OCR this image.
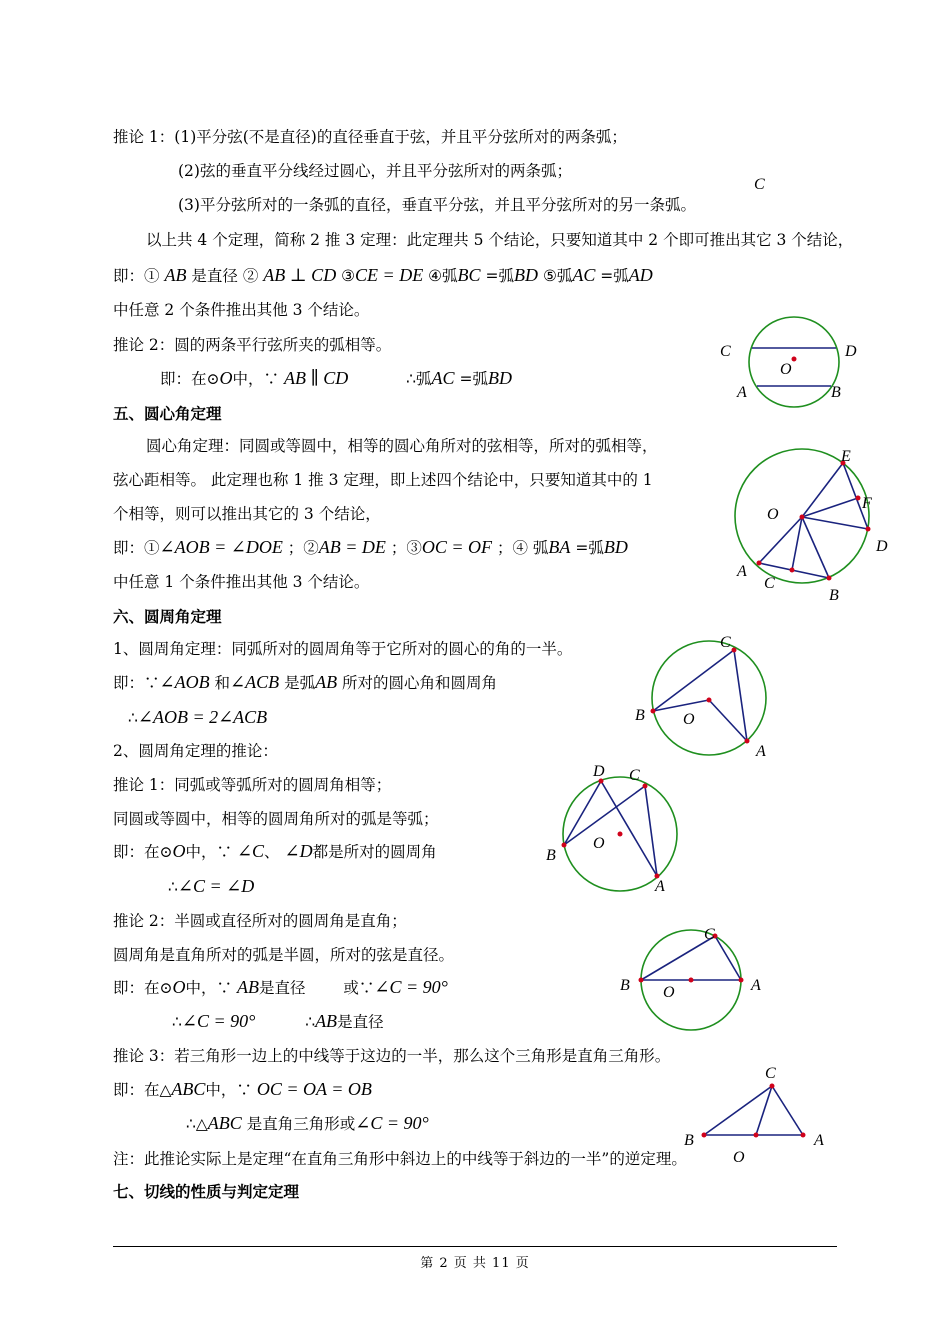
推论 1：(1)平分弦(不是直径)的直径垂直于弦，并且平分弦所对的两条弧；
(2)弦的垂直平分线经过圆心，并且平分弦所对的两条弧；
(3)平分弦所对的一条弧的直径，垂直平分弦，并且平分弦所对的另一条弧。
以上共 4 个定理，简称 2 推 3 定理：此定理共 5 个结论，只要知道其中 2 个即可推出其它 3 个结论，
即：① AB 是直径 ② AB ⊥ CD ③CE = DE ④弧BC =弧BD ⑤弧AC =弧AD
中任意 2 个条件推出其他 3 个结论。
推论 2：圆的两条平行弦所夹的弧相等。
即：在⊙O中，∵ AB ∥ CD	∴弧AC =弧BD
五、圆心角定理
圆心角定理：同圆或等圆中，相等的圆心角所对的弦相等，所对的弧相等，
弦心距相等。 此定理也称 1 推 3 定理，即上述四个结论中，只要知道其中的 1
个相等，则可以推出其它的 3 个结论，
即：①∠AOB = ∠DOE ；②AB = DE ；③OC = OF ；④ 弧BA =弧BD
中任意 1 个条件推出其他 3 个结论。
六、圆周角定理
1、圆周角定理：同弧所对的圆周角等于它所对的圆心的角的一半。
即：∵∠AOB 和∠ACB 是弧AB 所对的圆心角和圆周角
∴∠AOB = 2∠ACB
2、圆周角定理的推论：
推论 1：同弧或等弧所对的圆周角相等；
同圆或等圆中，相等的圆周角所对的弧是等弧；
即：在⊙O中，∵ ∠C、 ∠D都是所对的圆周角
∴∠C = ∠D
推论 2：半圆或直径所对的圆周角是直角；
圆周角是直角所对的弧是半圆，所对的弦是直径。
即：在⊙O中，∵ AB是直径 或∵∠C = 90°
∴∠C = 90°	∴AB是直径
推论 3：若三角形一边上的中线等于这边的一半，那么这个三角形是直角三角形。
即：在△ABC中，∵ OC = OA = OB
∴△ABC 是直角三角形或∠C = 90°
注：此推论实际上是定理“在直角三角形中斜边上的中线等于斜边的一半”的逆定理。
七、切线的性质与判定定理
C
C	D
O
A	B
E
F
O
D
A
C
B
C
B O
A
D C
B
O
A
C
B O	A
C
B	A
O
第 2 页 共 11 页
